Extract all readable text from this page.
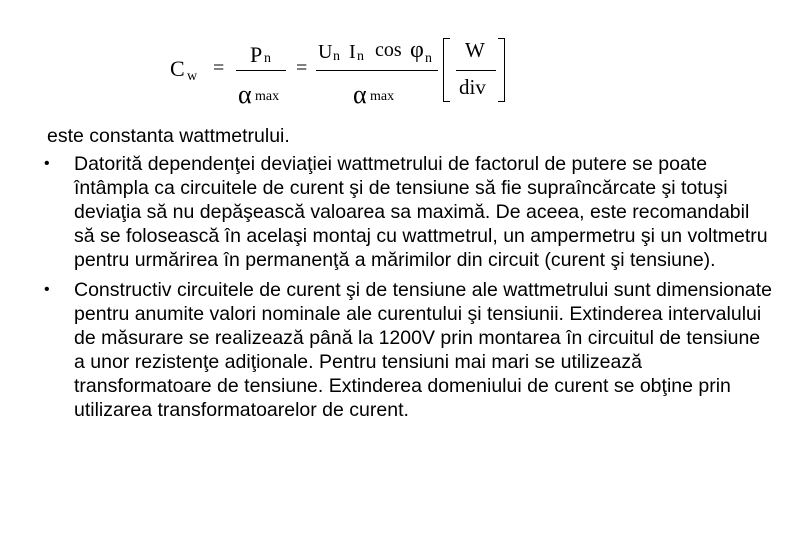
C w =
P n
α max
=
U n I n cos φ n
α max
W
div

este constanta wattmetrului.

• Datorită dependenţei deviaţiei wattmetrului de factorul de putere se poate întâmpla ca circuitele de curent şi de tensiune să fie supraîncărcate şi totuşi deviaţia să nu depăşească valoarea sa maximă. De aceea, este recomandabil să se folosească în acelaşi montaj cu wattmetrul, un ampermetru şi un voltmetru pentru urmărirea în permanenţă a mărimilor din circuit (curent şi tensiune).
• Constructiv circuitele de curent şi de tensiune ale wattmetrului sunt dimensionate pentru anumite valori nominale ale curentului şi tensiunii. Extinderea intervalului de măsurare se realizează până la 1200V prin montarea în circuitul de tensiune a unor rezistenţe adiţionale. Pentru tensiuni mai mari se utilizează transformatoare de tensiune. Extinderea domeniului de curent se obţine prin utilizarea transformatoarelor de curent.
